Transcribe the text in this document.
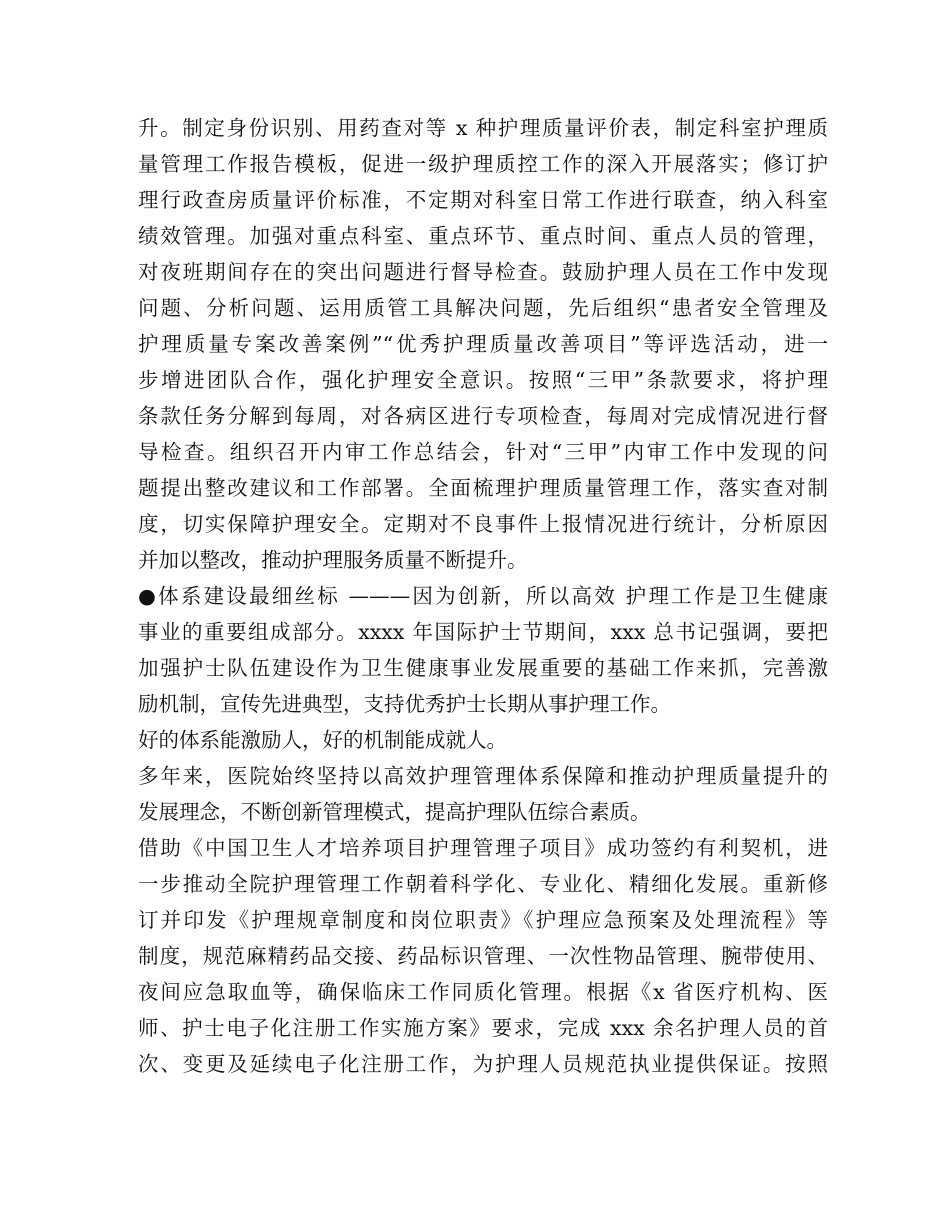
升。制定身份识别、用药查对等 x 种护理质量评价表，制定科室护理质
量管理工作报告模板，促进一级护理质控工作的深入开展落实；修订护
理行政查房质量评价标准，不定期对科室日常工作进行联查，纳入科室
绩效管理。加强对重点科室、重点环节、重点时间、重点人员的管理，
对夜班期间存在的突出问题进行督导检查。鼓励护理人员在工作中发现
问题、分析问题、运用质管工具解决问题，先后组织“患者安全管理及
护理质量专案改善案例”“优秀护理质量改善项目”等评选活动，进一
步增进团队合作，强化护理安全意识。按照“三甲”条款要求，将护理
条款任务分解到每周，对各病区进行专项检查，每周对完成情况进行督
导检查。组织召开内审工作总结会，针对“三甲”内审工作中发现的问
题提出整改建议和工作部署。全面梳理护理质量管理工作，落实查对制
度，切实保障护理安全。定期对不良事件上报情况进行统计，分析原因
并加以整改，推动护理服务质量不断提升。
●体系建设最细丝标 ———因为创新，所以高效 护理工作是卫生健康
事业的重要组成部分。xxxx 年国际护士节期间，xxx 总书记强调，要把
加强护士队伍建设作为卫生健康事业发展重要的基础工作来抓，完善激
励机制，宣传先进典型，支持优秀护士长期从事护理工作。
好的体系能激励人，好的机制能成就人。
多年来，医院始终坚持以高效护理管理体系保障和推动护理质量提升的
发展理念，不断创新管理模式，提高护理队伍综合素质。
借助《中国卫生人才培养项目护理管理子项目》成功签约有利契机，进
一步推动全院护理管理工作朝着科学化、专业化、精细化发展。重新修
订并印发《护理规章制度和岗位职责》《护理应急预案及处理流程》等
制度，规范麻精药品交接、药品标识管理、一次性物品管理、腕带使用、
夜间应急取血等，确保临床工作同质化管理。根据《x 省医疗机构、医
师、护士电子化注册工作实施方案》要求，完成 xxx 余名护理人员的首
次、变更及延续电子化注册工作，为护理人员规范执业提供保证。按照
